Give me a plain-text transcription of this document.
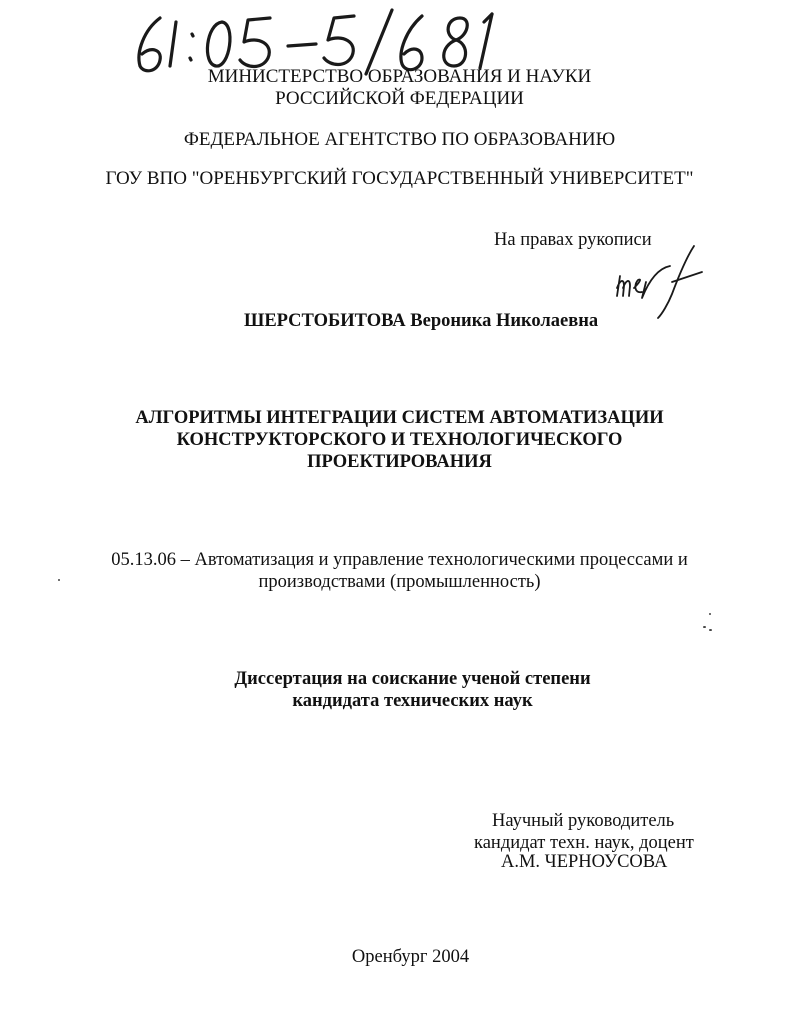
МИНИСТЕРСТВО ОБРАЗОВАНИЯ И НАУКИ
РОССИЙСКОЙ ФЕДЕРАЦИИ
ФЕДЕРАЛЬНОЕ АГЕНТСТВО ПО ОБРАЗОВАНИЮ
ГОУ ВПО "ОРЕНБУРГСКИЙ ГОСУДАРСТВЕННЫЙ УНИВЕРСИТЕТ"
На правах рукописи
ШЕРСТОБИТОВА Вероника Николаевна
АЛГОРИТМЫ ИНТЕГРАЦИИ СИСТЕМ АВТОМАТИЗАЦИИ
КОНСТРУКТОРСКОГО И ТЕХНОЛОГИЧЕСКОГО
ПРОЕКТИРОВАНИЯ
05.13.06 – Автоматизация и управление технологическими процессами и
производствами (промышленность)
Диссертация на соискание ученой степени
кандидата технических наук
Научный руководитель
кандидат техн. наук, доцент
А.М. ЧЕРНОУСОВА
Оренбург 2004
